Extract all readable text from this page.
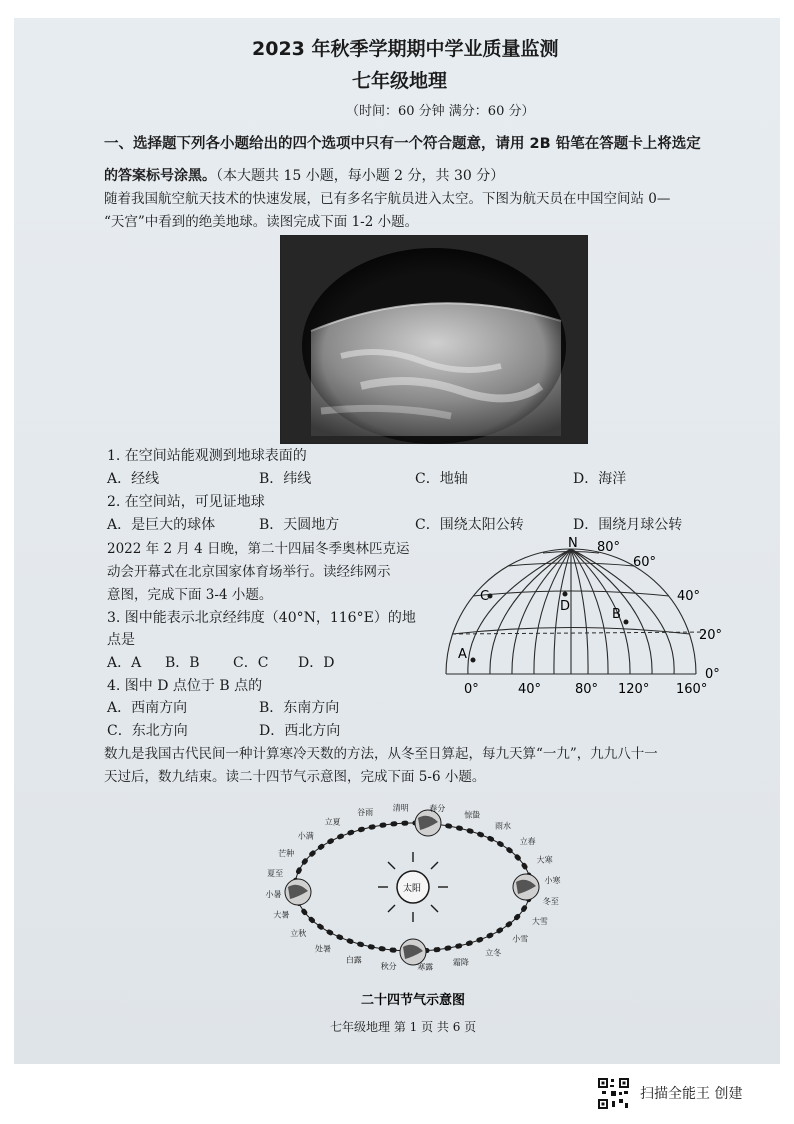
2023 年秋季学期期中学业质量监测
七年级地理
（时间：60 分钟 满分：60 分）
一、选择题下列各小题给出的四个选项中只有一个符合题意，请用 2B 铅笔在答题卡上将选定
的答案标号涂黑。（本大题共 15 小题，每小题 2 分，共 30 分）
随着我国航空航天技术的快速发展，已有多名宇航员进入太空。下图为航天员在中国空间站 0—
“天宫”中看到的绝美地球。读图完成下面 1-2 小题。
1. 在空间站能观测到地球表面的
A．经线	B．纬线	C．地轴	D．海洋
2. 在空间站，可见证地球
A．是巨大的球体	B．天圆地方	C．围绕太阳公转	D．围绕月球公转
2022 年 2 月 4 日晚，第二十四届冬季奥林匹克运
动会开幕式在北京国家体育场举行。读经纬网示
意图，完成下面 3-4 小题。
3. 图中能表示北京经纬度（40°N，116°E）的地
点是
A．A B．B C．C D．D
4. 图中 D 点位于 B 点的
A．西南方向	B．东南方向
C．东北方向	D．西北方向
N 80°
60°
40°
20°
0°
0°	40°	80° 120° 160°
A
C
D
B
数九是我国古代民间一种计算寒冷天数的方法，从冬至日算起，每九天算“一九”，九九八十一
天过后，数九结束。读二十四节气示意图，完成下面 5-6 小题。
太阳
春分
惊蛰
雨水
立春
大寒
小寒
冬至
大雪
小雪
立冬
霜降
寒露
秋分
白露
处暑
立秋
大暑
小暑
夏至
芒种
小满
立夏
谷雨 清明
二十四节气示意图
七年级地理 第 1 页 共 6 页
扫描全能王 创建
